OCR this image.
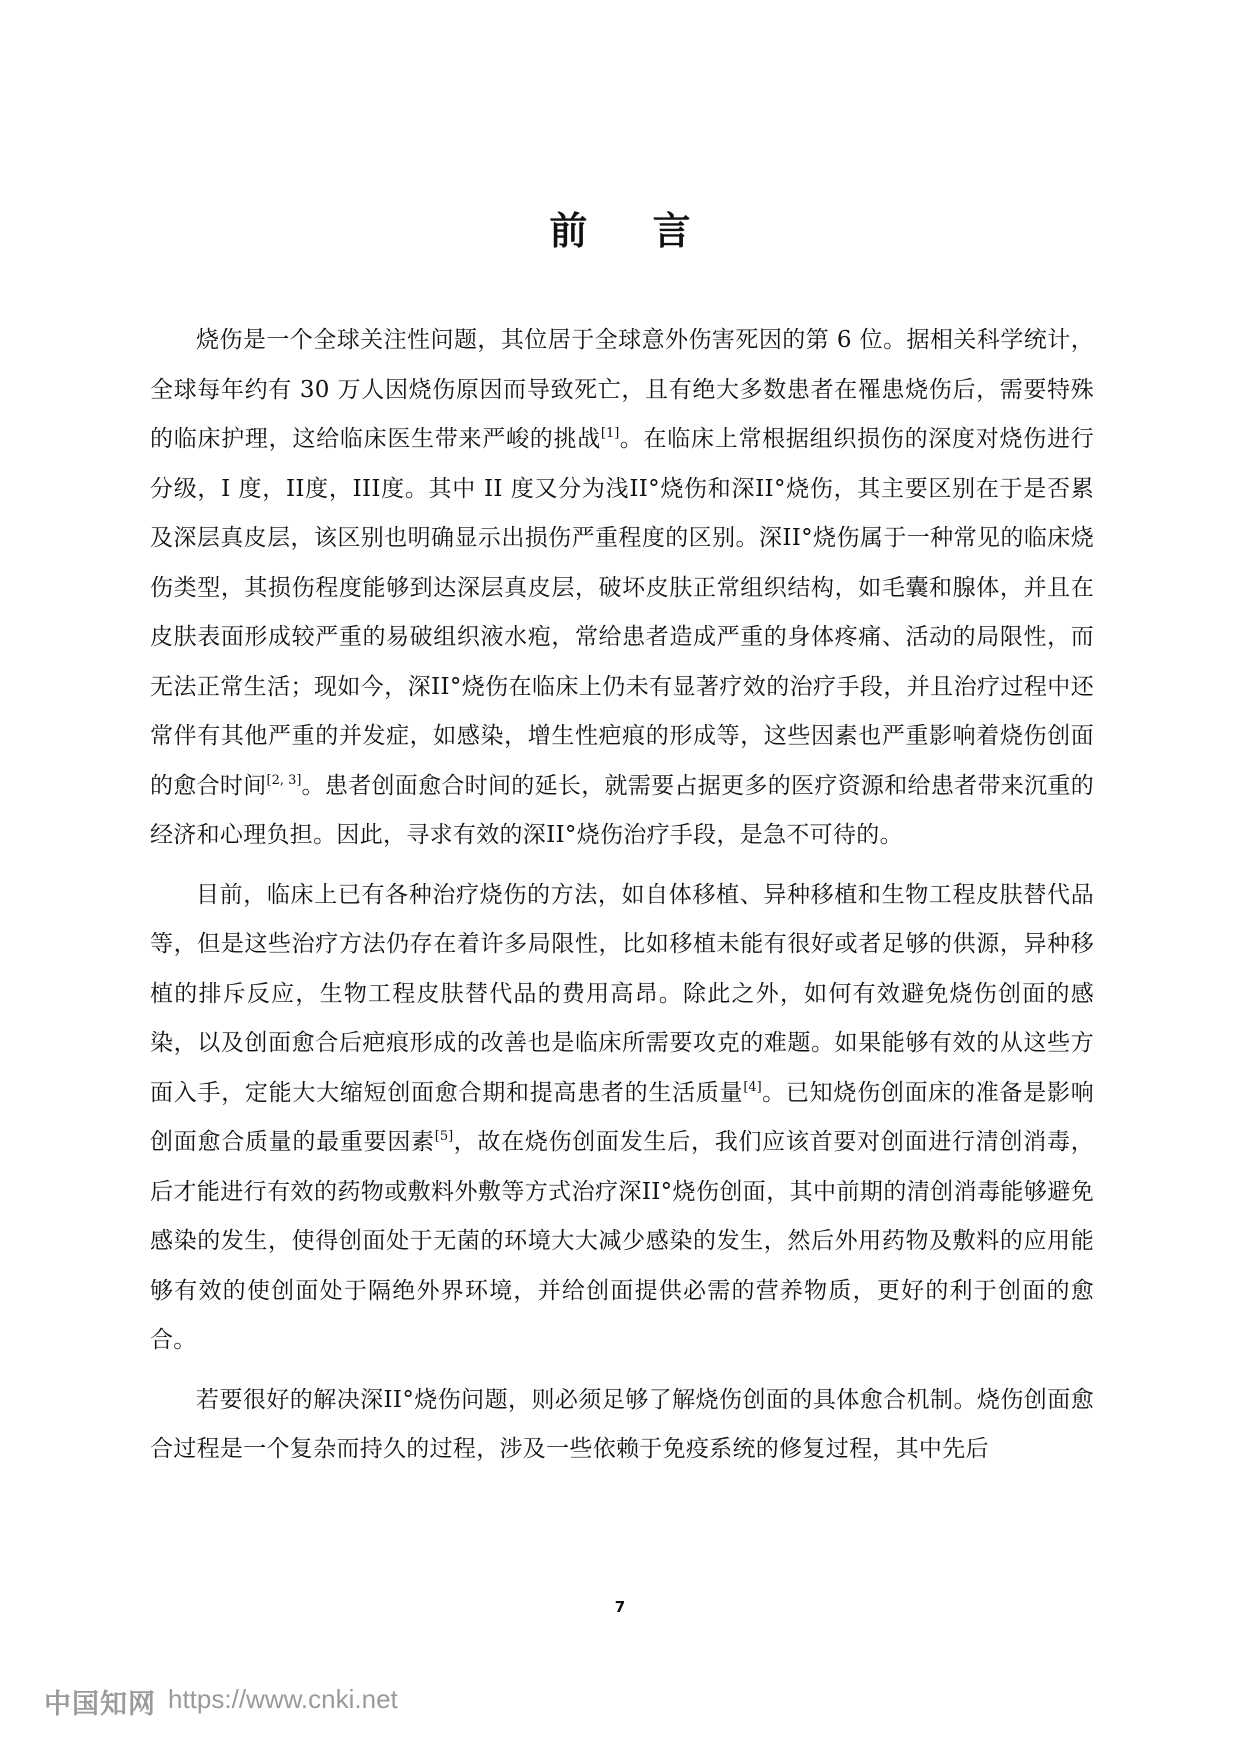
前 言

烧伤是一个全球关注性问题，其位居于全球意外伤害死因的第 6 位。据相关科学统计，全球每年约有 30 万人因烧伤原因而导致死亡，且有绝大多数患者在罹患烧伤后，需要特殊的临床护理，这给临床医生带来严峻的挑战[1]。在临床上常根据组织损伤的深度对烧伤进行分级，I 度，II度，III度。其中 II 度又分为浅II°烧伤和深II°烧伤，其主要区别在于是否累及深层真皮层，该区别也明确显示出损伤严重程度的区别。深II°烧伤属于一种常见的临床烧伤类型，其损伤程度能够到达深层真皮层，破坏皮肤正常组织结构，如毛囊和腺体，并且在皮肤表面形成较严重的易破组织液水疱，常给患者造成严重的身体疼痛、活动的局限性，而无法正常生活；现如今，深II°烧伤在临床上仍未有显著疗效的治疗手段，并且治疗过程中还常伴有其他严重的并发症，如感染，增生性疤痕的形成等，这些因素也严重影响着烧伤创面的愈合时间[2, 3]。患者创面愈合时间的延长，就需要占据更多的医疗资源和给患者带来沉重的经济和心理负担。因此，寻求有效的深II°烧伤治疗手段，是急不可待的。

目前，临床上已有各种治疗烧伤的方法，如自体移植、异种移植和生物工程皮肤替代品等，但是这些治疗方法仍存在着许多局限性，比如移植未能有很好或者足够的供源，异种移植的排斥反应，生物工程皮肤替代品的费用高昂。除此之外，如何有效避免烧伤创面的感染，以及创面愈合后疤痕形成的改善也是临床所需要攻克的难题。如果能够有效的从这些方面入手，定能大大缩短创面愈合期和提高患者的生活质量[4]。已知烧伤创面床的准备是影响创面愈合质量的最重要因素[5]，故在烧伤创面发生后，我们应该首要对创面进行清创消毒，后才能进行有效的药物或敷料外敷等方式治疗深II°烧伤创面，其中前期的清创消毒能够避免感染的发生，使得创面处于无菌的环境大大减少感染的发生，然后外用药物及敷料的应用能够有效的使创面处于隔绝外界环境，并给创面提供必需的营养物质，更好的利于创面的愈合。

若要很好的解决深II°烧伤问题，则必须足够了解烧伤创面的具体愈合机制。烧伤创面愈合过程是一个复杂而持久的过程，涉及一些依赖于免疫系统的修复过程，其中先后

7
中国知网 https://www.cnki.net
